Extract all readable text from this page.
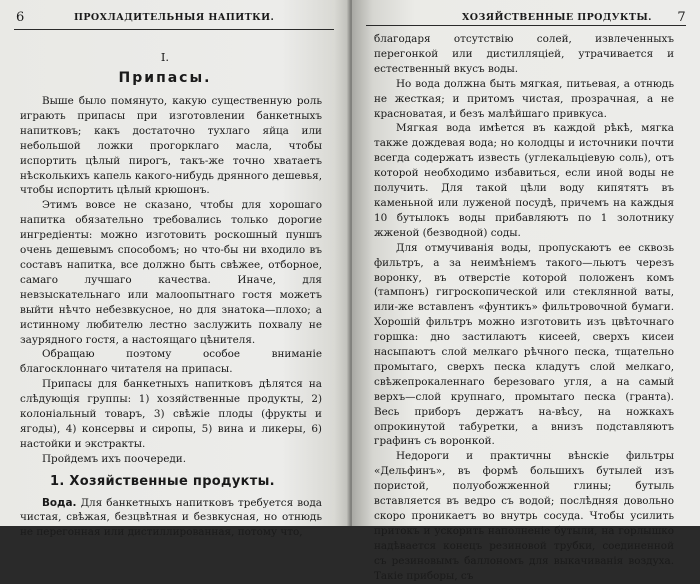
6	ПРОХЛАДИТЕЛЬНЫЯ НАПИТКИ.
I.
Припасы.

Выше было помянуто, какую существенную роль играють припасы при изготовлении банкетныхъ напитковъ; какъ достаточно тухлаго яйца или небольшой ложки прогорклаго масла, чтобы испортить цѣлый пирогъ, такъ-же точно хватаетъ нѣсколькихъ капель какого-нибудь дрянного дешевья, чтобы испортить цѣлый крюшонъ.

Этимъ вовсе не сказано, чтобы для хорошаго напитка обязательно требовались только дорогие ингредіенты: можно изготовить роскошный пуншъ очень дешевымъ способомъ; но что-бы ни входило въ составъ напитка, все должно быть свѣжее, отборное, самаго лучшаго качества. Иначе, для невзыскательнаго или малоопытнаго гостя можетъ выйти нѣчто небезвкусное, но для знатока—плохо; а истинному любителю лестно заслужить похвалу не заурядного гостя, а настоящаго цѣнителя.

Обращаю поэтому особое вниманіе благосклоннаго читателя на припасы.

Припасы для банкетныхъ напитковъ дѣлятся на слѣдующія группы: 1) хозяйственные продукты, 2) колоніальный товаръ, 3) свѣжіе плоды (фрукты и ягоды), 4) консервы и сиропы, 5) вина и ликеры, 6) настойки и экстракты.

Пройдемъ ихъ поочереди.

1. Хозяйственные продукты.

Вода. Для банкетныхъ напитковъ требуется вода чистая, свѣжая, безцвѣтная и безвкусная, но отнюдь не перегонная или дистиллированная, потому что,

ХОЗЯЙСТВЕННЫЕ ПРОДУКТЫ. 7

благодаря отсутствію солей, извлеченныхъ перегонкой или дистилляціей, утрачивается и естественный вкусъ воды.

Но вода должна быть мягкая, питьевая, а отнюдь не жесткая; и притомъ чистая, прозрачная, а не красноватая, и безъ малѣйшаго привкуса.

Мягкая вода имѣется въ каждой рѣкѣ, мягка также дождевая вода; но колодцы и источники почти всегда содержатъ известь (углекальціевую соль), отъ которой необходимо избавиться, если иной воды не получить. Для такой цѣли воду кипятятъ въ каменьной или луженой посудѣ, причемъ на каждыя 10 бутылокъ воды прибавляютъ по 1 золотнику жженой (безводной) соды.

Для отмучиванія воды, пропускаютъ ее сквозь фильтръ, а за неимѣніемъ такого—льютъ черезъ воронку, въ отверстіе которой положенъ комъ (тампонъ) гигроскопической или стеклянной ваты, или-же вставленъ «фунтикъ» фильтровочной бумаги. Хорошій фильтръ можно изготовить изъ цвѣточнаго горшка: дно застилаютъ кисеей, сверхъ кисеи насыпаютъ слой мелкаго рѣчного песка, тщательно промытаго, сверхъ песка кладутъ слой мелкаго, свѣжепрокаленнаго березоваго угля, а на самый верхъ—слой крупнаго, промытаго песка (гранта). Весь приборъ держатъ на-вѣсу, на ножкахъ опрокинутой табуретки, а внизъ подставляютъ графинъ съ воронкой.

Недороги и практичны вѣнскіе фильтры «Дельфинъ», въ формѣ большихъ бутылей изъ пористой, полуобожженной глины; бутыль вставляется въ ведро съ водой; послѣдняя довольно скоро проникаетъ во внутрь сосуда. Чтобы усилить притокъ и ускорить наполненіе бутыли, на горлышко надѣвается конецъ резиновой трубки, соединенной съ резиновымъ баллономъ для выкачиванія воздуха. Такіе приборы, съ
